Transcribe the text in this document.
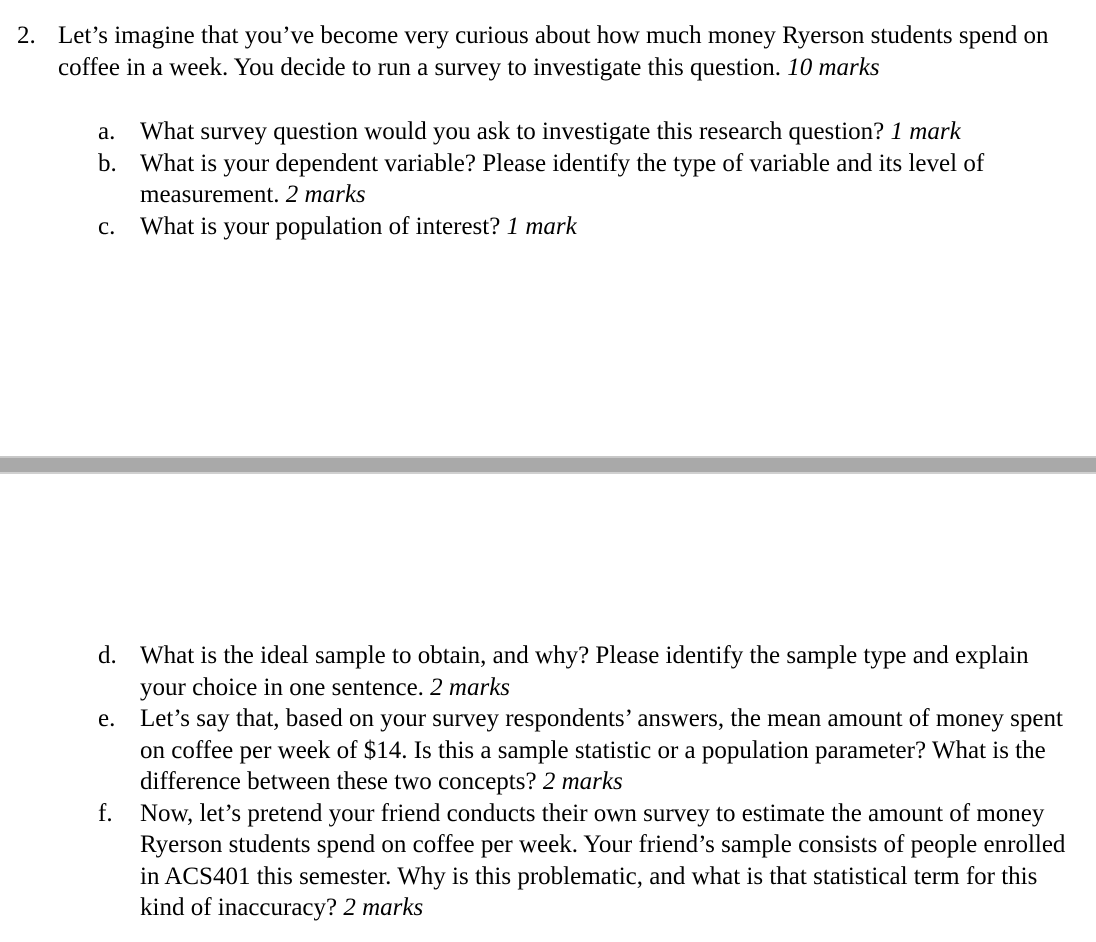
2. Let’s imagine that you’ve become very curious about how much money Ryerson students spend on coffee in a week. You decide to run a survey to investigate this question. 10 marks
a. What survey question would you ask to investigate this research question? 1 mark
b. What is your dependent variable? Please identify the type of variable and its level of measurement. 2 marks
c. What is your population of interest? 1 mark
d. What is the ideal sample to obtain, and why? Please identify the sample type and explain your choice in one sentence. 2 marks
e. Let’s say that, based on your survey respondents’ answers, the mean amount of money spent on coffee per week of $14. Is this a sample statistic or a population parameter? What is the difference between these two concepts? 2 marks
f. Now, let’s pretend your friend conducts their own survey to estimate the amount of money Ryerson students spend on coffee per week. Your friend’s sample consists of people enrolled in ACS401 this semester. Why is this problematic, and what is that statistical term for this kind of inaccuracy? 2 marks
